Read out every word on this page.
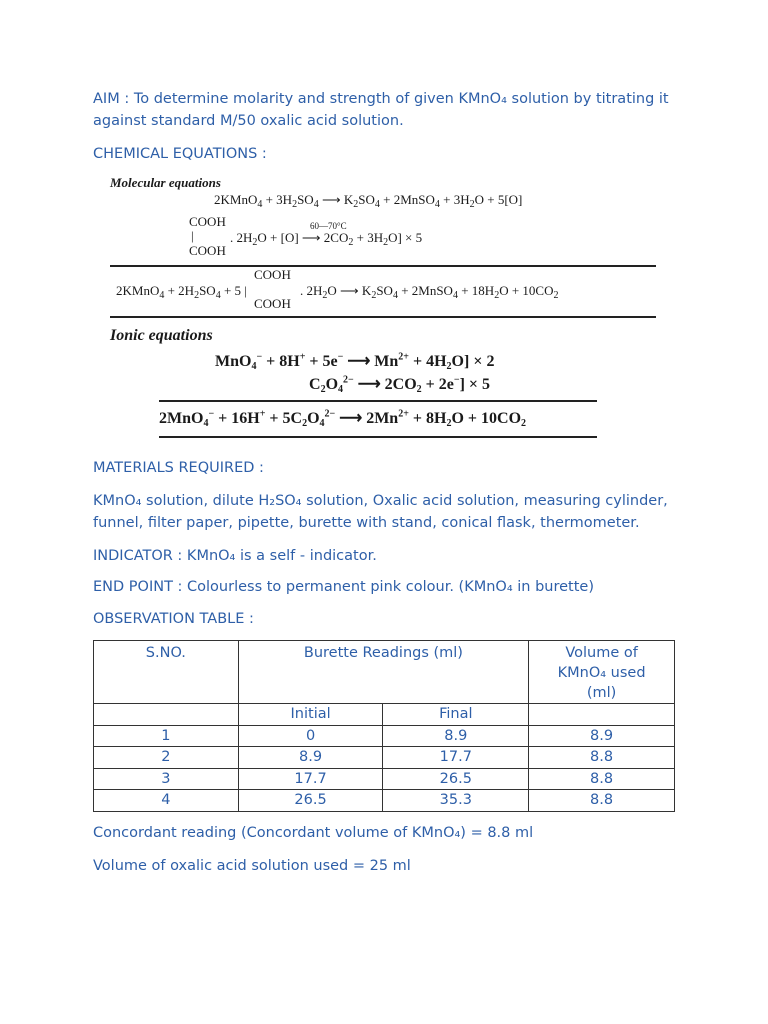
AIM : To determine molarity and strength of given KMnO₄ solution by titrating it against standard M/50 oxalic acid solution.
CHEMICAL EQUATIONS :
Molecular equations
2KMnO$_4$ + $3H_2SO_4$ ⟶ $K_2SO_4$ + 2MnSO$_4$ + $3H_2O + 5[O]$
COOH
|
COOH
60—70°C
. $2H_2O + [O]$ ⟶ $2CO_2 + 3H_2O] \times 5$
COOH
2KMnO$_4$ + $2H_2SO_4 + 5$ |	. $2H_2O$ ⟶ $K_2SO_4$ + 2MnSO$_4$ + $18H_2O + 10CO_2$
COOH
Ionic equations
MnO$_4$− + 8H+ + 5e− ⟶ $Mn^{2+} + 4H_2O] \times 2$
$C_2O_4^{2-}$ ⟶ $2CO_2 + 2e^-] \times 5$
$2MnO_4^- + 16H^+ + 5C_2O_4^{2-}$ ⟶ $2Mn^{2+} + 8H_2O + 10CO_2$
MATERIALS REQUIRED :
KMnO₄ solution, dilute H₂SO₄ solution, Oxalic acid solution, measuring cylinder, funnel, filter paper, pipette, burette with stand, conical flask, thermometer.
INDICATOR : KMnO₄ is a self - indicator.
END POINT : Colourless to permanent pink colour. (KMnO₄ in burette)
OBSERVATION TABLE :
S.NO.	Burette Readings (ml)		Volume of KMnO₄ used (ml)
	Initial	Final	
1	0	8.9	8.9
2	8.9	17.7	8.8
3	17.7	26.5	8.8
4	26.5	35.3	8.8
Concordant reading (Concordant volume of KMnO₄) = 8.8 ml
Volume of oxalic acid solution used = 25 ml
